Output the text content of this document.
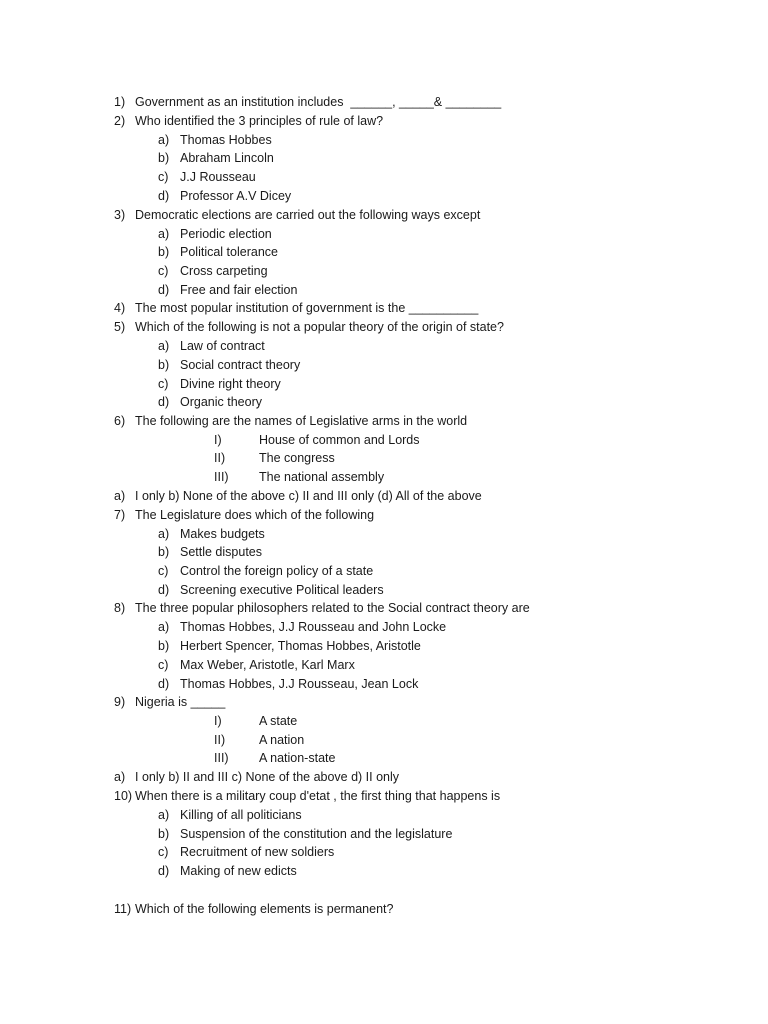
1) Government as an institution includes  ______, _____& ________
2) Who identified the 3 principles of rule of law?
a) Thomas Hobbes
b) Abraham Lincoln
c) J.J Rousseau
d) Professor A.V Dicey
3) Democratic elections are carried out the following ways except
a) Periodic election
b) Political tolerance
c) Cross carpeting
d) Free and fair election
4) The most popular institution of government is the __________
5) Which of the following is not a popular theory of the origin of state?
a) Law of contract
b) Social contract theory
c) Divine right theory
d) Organic theory
6) The following are the names of Legislative arms in the world
I)	House of common and Lords
II)	The congress
III) The national assembly
a) I only b) None of the above c) II and III only (d) All of the above
7) The Legislature does which of the following
a) Makes budgets
b) Settle disputes
c) Control the foreign policy of a state
d) Screening executive Political leaders
8) The three popular philosophers related to the Social contract theory are
a) Thomas Hobbes, J.J Rousseau and John Locke
b) Herbert Spencer, Thomas Hobbes, Aristotle
c) Max Weber, Aristotle, Karl Marx
d) Thomas Hobbes, J.J Rousseau, Jean Lock
9) Nigeria is _____
I)	A state
II)	A nation
III) A nation-state
a) I only b) II and III c) None of the above d) II only
10) When there is a military coup d'etat , the first thing that happens is
a) Killing of all politicians
b) Suspension of the constitution and the legislature
c) Recruitment of new soldiers
d) Making of new edicts
11) Which of the following elements is permanent?
